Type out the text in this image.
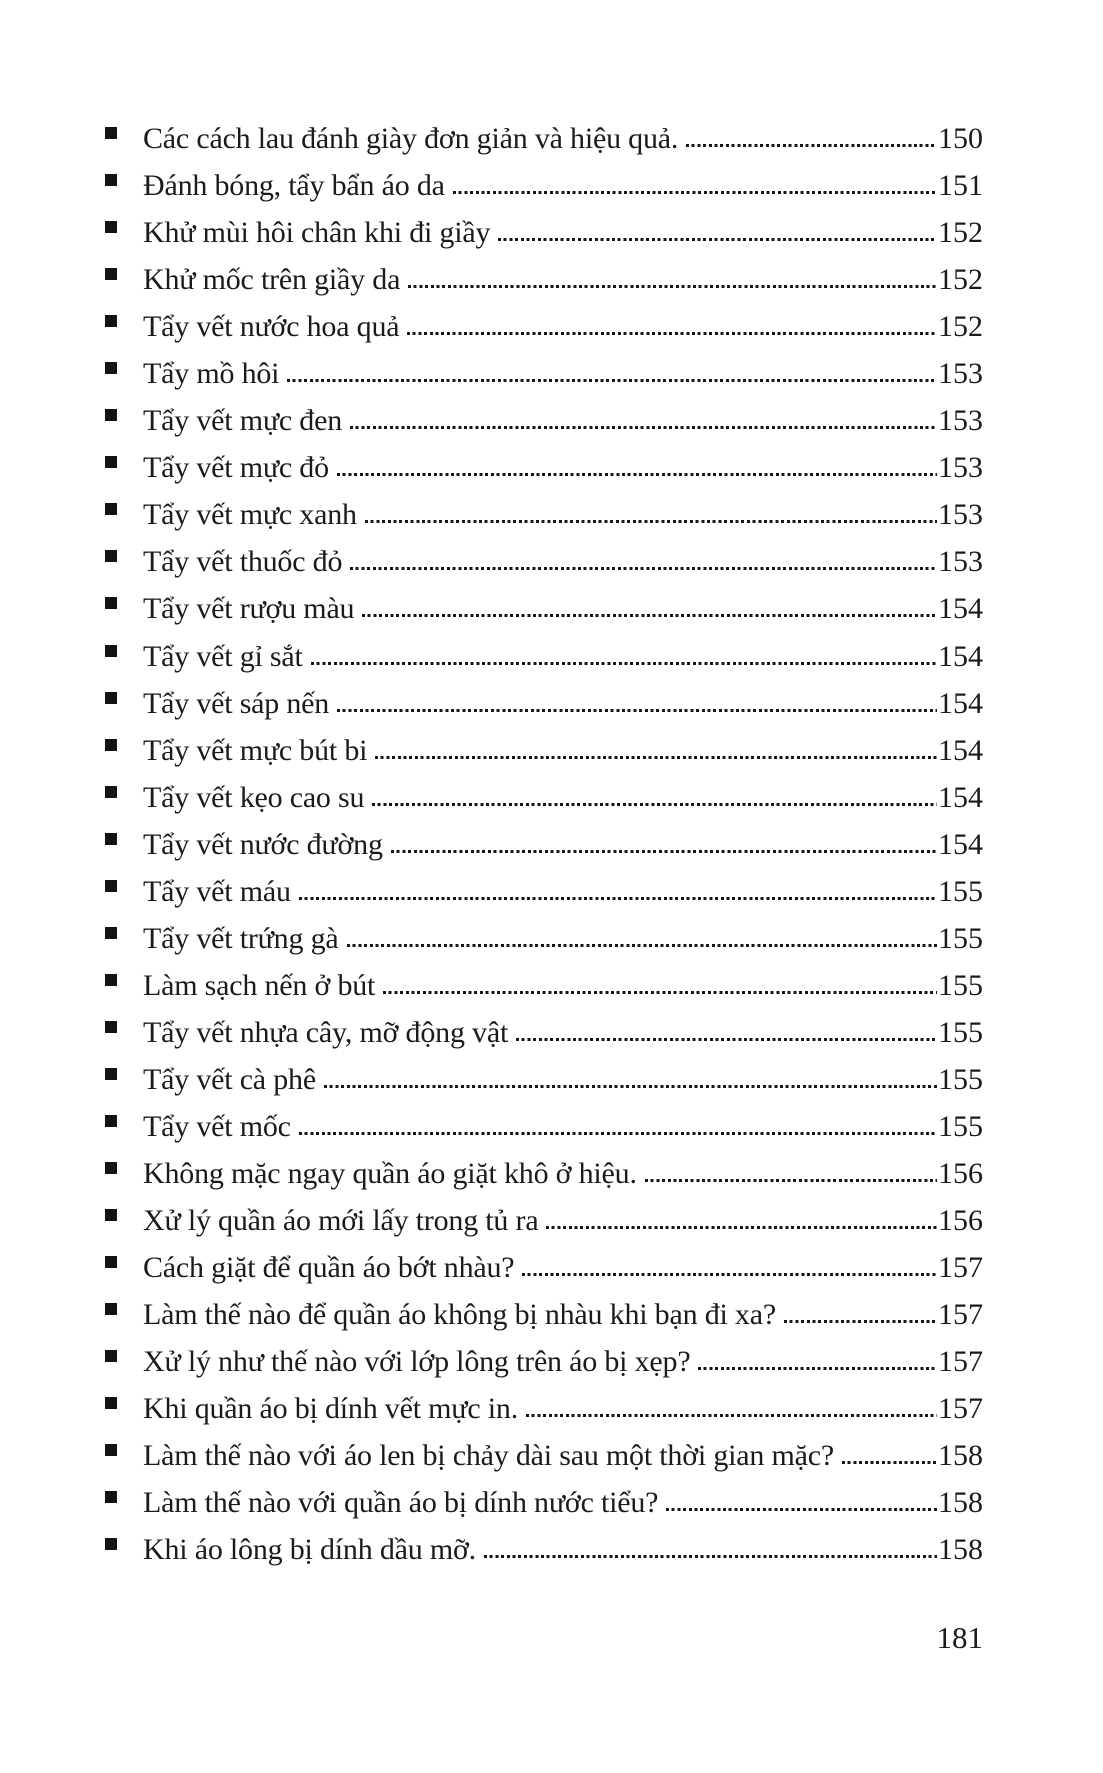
Các cách lau đánh giày đơn giản và hiệu quả.	150
Đánh bóng, tẩy bẩn áo da	151
Khử mùi hôi chân khi đi giầy	152
Khử mốc trên giầy da	152
Tẩy vết nước hoa quả	152
Tẩy mồ hôi	153
Tẩy vết mực đen	153
Tẩy vết mực đỏ	153
Tẩy vết mực xanh	153
Tẩy vết thuốc đỏ	153
Tẩy vết rượu màu	154
Tẩy vết gỉ sắt	154
Tẩy vết sáp nến	154
Tẩy vết mực bút bi	154
Tẩy vết kẹo cao su	154
Tẩy vết nước đường	154
Tẩy vết máu	155
Tẩy vết trứng gà	155
Làm sạch nến ở bút	155
Tẩy vết nhựa cây, mỡ động vật	155
Tẩy vết cà phê	155
Tẩy vết mốc	155
Không mặc ngay quần áo giặt khô ở hiệu.	156
Xử lý quần áo mới lấy trong tủ ra	156
Cách giặt để quần áo bớt nhàu?	157
Làm thế nào để quần áo không bị nhàu khi bạn đi xa?	157
Xử lý như thế nào với lớp lông trên áo bị xẹp?	157
Khi quần áo bị dính vết mực in.	157
Làm thế nào với áo len bị chảy dài sau một thời gian mặc?	158
Làm thế nào với quần áo bị dính nước tiểu?	158
Khi áo lông bị dính dầu mỡ.	158
181
